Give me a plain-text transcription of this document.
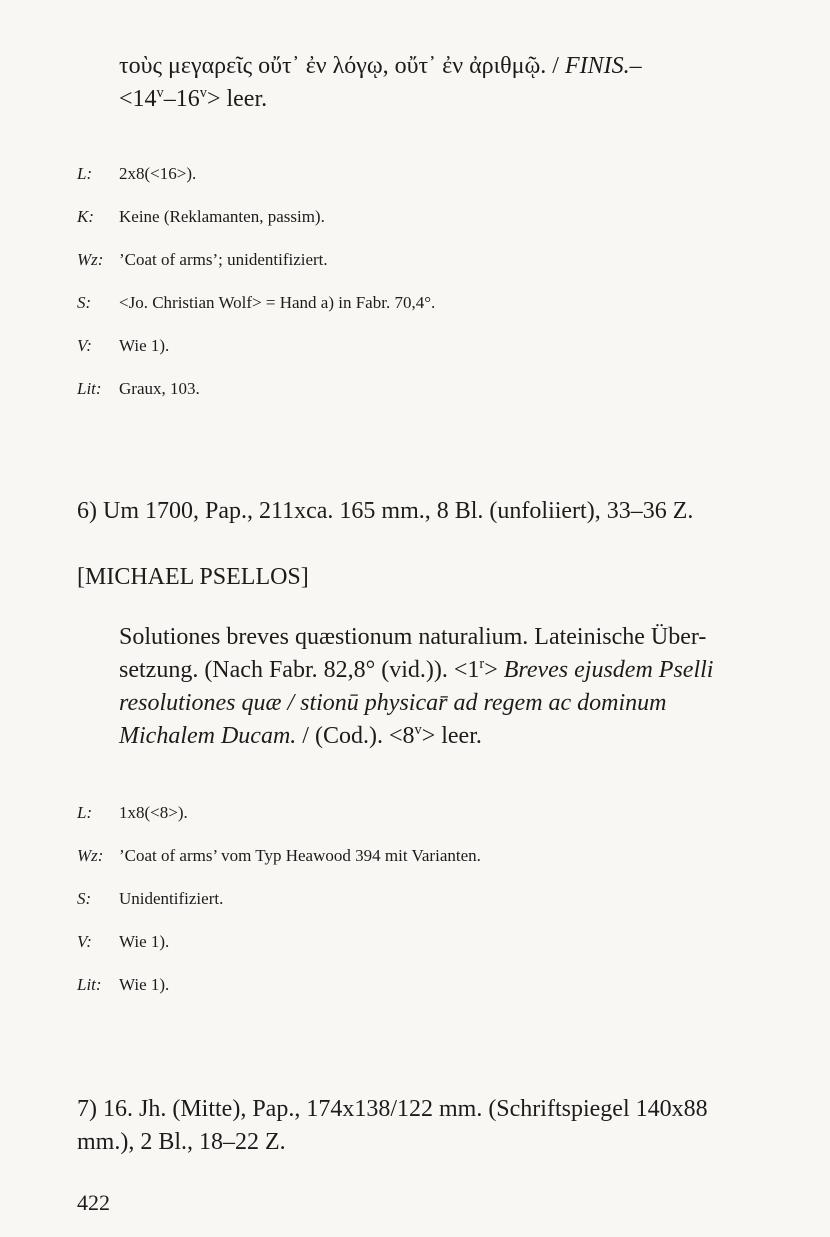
τοὺς μεγαρεῖς οὔτ᾽ ἐν λόγῳ, οὔτ᾽ ἐν ἀριθμῷ. / FINIS.–
$<14^v-16^v>$ leer.
L: 2x8(<16>).
K: Keine (Reklamanten, passim).
Wz: ’Coat of arms’; unidentifiziert.
S: <Jo. Christian Wolf> = Hand a) in Fabr. 70,4°.
V: Wie 1).
Lit: Graux, 103.
6) Um 1700, Pap., 211xca. 165 mm., 8 Bl. (unfoliiert), 33–36 Z.
[MICHAEL PSELLOS]
Solutiones breves quæstionum naturalium. Lateinische Über-
setzung. (Nach Fabr. 82,8° (vid.)). $<1^r>$ Breves ejusdem Pselli
resolutiones quæ / stionū physicar̄ ad regem ac dominum
Michalem Ducam. / (Cod.). $<8^v>$ leer.
L: 1x8(<8>).
Wz: ’Coat of arms’ vom Typ Heawood 394 mit Varianten.
S: Unidentifiziert.
V: Wie 1).
Lit: Wie 1).
7) 16. Jh. (Mitte), Pap., 174x138/122 mm. (Schriftspiegel 140x88
mm.), 2 Bl., 18–22 Z.
422
